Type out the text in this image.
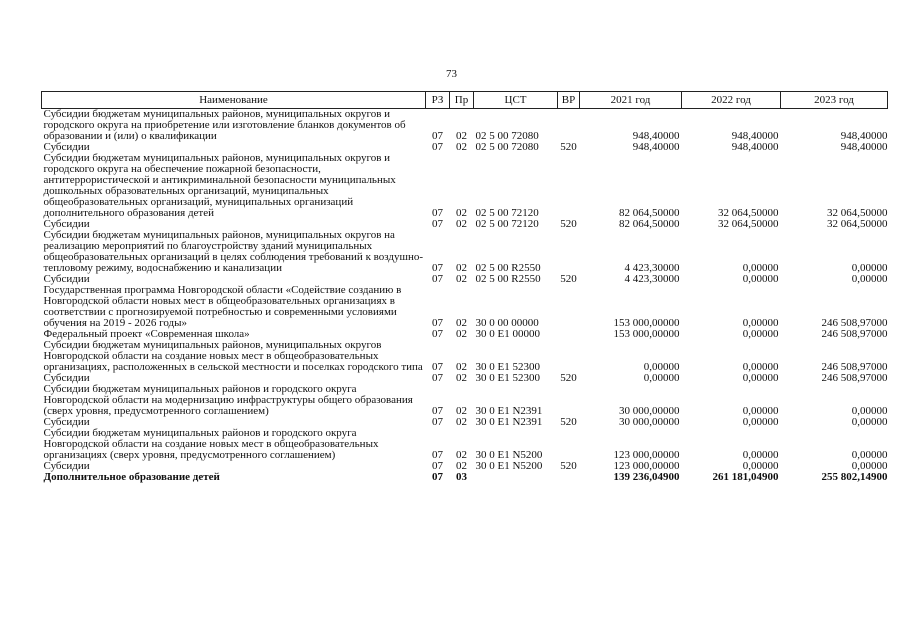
73
Наименование	РЗ	Пр	ЦСТ	ВР	2021 год	2022 год	2023 год
Субсидии бюджетам муниципальных районов, муниципальных округов и городского округа на приобретение или изготовление бланков документов об образовании и (или) о квалификации	07	02	02 5 00 72080		948,40000	948,40000	948,40000
Субсидии	07	02	02 5 00 72080	520	948,40000	948,40000	948,40000
Субсидии бюджетам муниципальных районов, муниципальных округов и городского округа на обеспечение пожарной безопасности, антитеррористической и антикриминальной безопасности муниципальных дошкольных образовательных организаций, муниципальных общеобразовательных организаций, муниципальных организаций дополнительного образования детей	07	02	02 5 00 72120		82 064,50000	32 064,50000	32 064,50000
Субсидии	07	02	02 5 00 72120	520	82 064,50000	32 064,50000	32 064,50000
Субсидии бюджетам муниципальных районов, муниципальных округов на реализацию мероприятий по благоустройству зданий муниципальных общеобразовательных организаций в целях соблюдения требований к воздушно-тепловому режиму, водоснабжению и канализации	07	02	02 5 00 R2550		4 423,30000	0,00000	0,00000
Субсидии	07	02	02 5 00 R2550	520	4 423,30000	0,00000	0,00000
Государственная программа Новгородской области «Содействие созданию в Новгородской области новых мест в общеобразовательных организациях в соответствии с прогнозируемой потребностью и современными условиями обучения на 2019 - 2026 годы»	07	02	30 0 00 00000		153 000,00000	0,00000	246 508,97000
Федеральный проект «Современная школа»	07	02	30 0 E1 00000		153 000,00000	0,00000	246 508,97000
Субсидии бюджетам муниципальных районов, муниципальных округов Новгородской области на создание новых мест в общеобразовательных организациях, расположенных в сельской местности и поселках городского типа	07	02	30 0 E1 52300		0,00000	0,00000	246 508,97000
Субсидии	07	02	30 0 E1 52300	520	0,00000	0,00000	246 508,97000
Субсидии бюджетам муниципальных районов и городского округа Новгородской области на модернизацию инфраструктуры общего образования (сверх уровня, предусмотренного соглашением)	07	02	30 0 E1 N2391		30 000,00000	0,00000	0,00000
Субсидии	07	02	30 0 E1 N2391	520	30 000,00000	0,00000	0,00000
Субсидии бюджетам муниципальных районов и городского округа Новгородской области на создание новых мест в общеобразовательных организациях (сверх уровня, предусмотренного соглашением)	07	02	30 0 E1 N5200		123 000,00000	0,00000	0,00000
Субсидии	07	02	30 0 E1 N5200	520	123 000,00000	0,00000	0,00000
Дополнительное образование детей	07	03			139 236,04900	261 181,04900	255 802,14900
